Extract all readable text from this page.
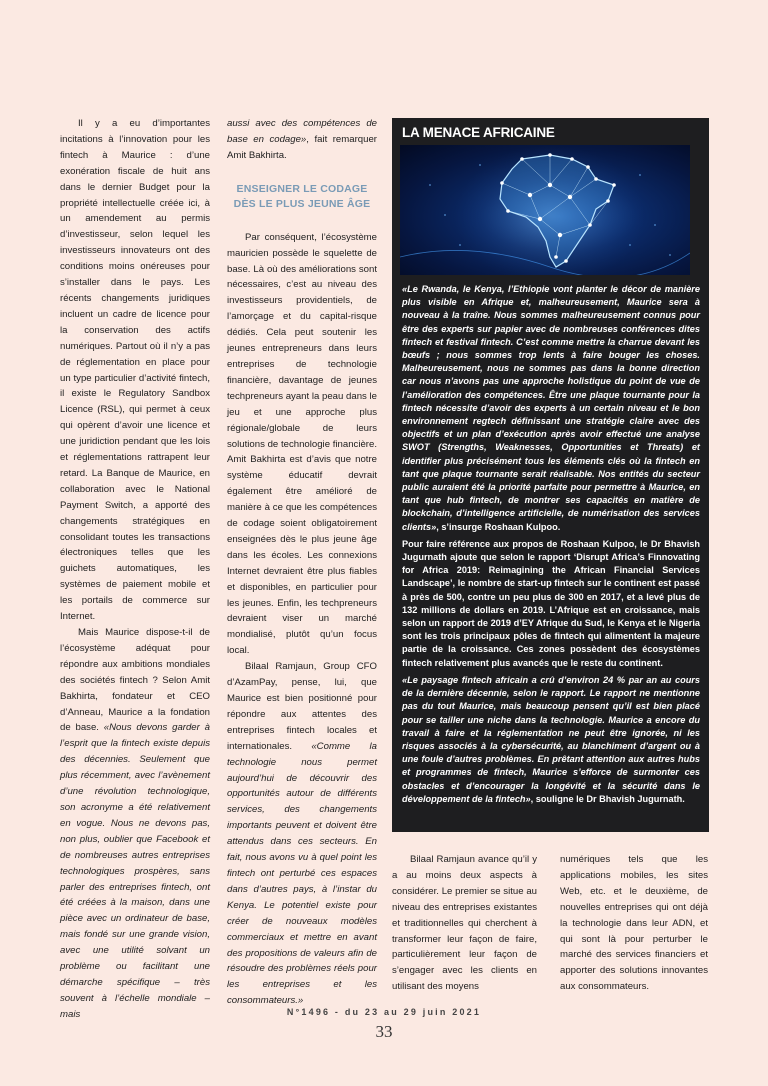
Il y a eu d’importantes incitations à l’innovation pour les fintech à Maurice : d’une exonération fiscale de huit ans dans le dernier Budget pour la propriété intellectuelle créée ici, à un amendement au permis d’investisseur, selon lequel les investisseurs innovateurs ont des conditions moins onéreuses pour s’installer dans le pays. Les récents changements juridiques incluent un cadre de licence pour la conservation des actifs numériques. Partout où il n’y a pas de réglementation en place pour un type particulier d’activité fintech, il existe le Regulatory Sandbox Licence (RSL), qui permet à ceux qui opèrent d’avoir une licence et une juridiction pendant que les lois et réglementations rattrapent leur retard. La Banque de Maurice, en collaboration avec le National Payment Switch, a apporté des changements stratégiques en consolidant toutes les transactions électroniques telles que les guichets automatiques, les systèmes de paiement mobile et les portails de commerce sur Internet.

Mais Maurice dispose-t-il de l’écosystème adéquat pour répondre aux ambitions mondiales des sociétés fintech ? Selon Amit Bakhirta, fondateur et CEO d’Anneau, Maurice a la fondation de base. «Nous devons garder à l’esprit que la fintech existe depuis des décennies. Seulement que plus récemment, avec l’avènement d’une révolution technologique, son acronyme a été relativement en vogue. Nous ne devons pas, non plus, oublier que Facebook et de nombreuses autres entreprises technologiques prospères, sans parler des entreprises fintech, ont été créées à la maison, dans une pièce avec un ordinateur de base, mais fondé sur une grande vision, avec une utilité solvant un problème ou facilitant une démarche spécifique – très souvent à l’échelle mondiale – mais

aussi avec des compétences de base en codage», fait remarquer Amit Bakhirta.

ENSEIGNER LE CODAGE
DÈS LE PLUS JEUNE ÂGE

Par conséquent, l’écosystème mauricien possède le squelette de base. Là où des améliorations sont nécessaires, c’est au niveau des investisseurs providentiels, de l’amorçage et du capital-risque dédiés. Cela peut soutenir les jeunes entrepreneurs dans leurs entreprises de technologie financière, davantage de jeunes techpreneurs ayant la peau dans le jeu et une approche plus régionale/globale de leurs solutions de technologie financière. Amit Bakhirta est d’avis que notre système éducatif devrait également être amélioré de manière à ce que les compétences de codage soient obligatoirement enseignées dès le plus jeune âge dans les écoles. Les connexions Internet devraient être plus fiables et disponibles, en particulier pour les jeunes. Enfin, les techpreneurs devraient viser un marché mondialisé, plutôt qu’un focus local.

Bilaal Ramjaun, Group CFO d’AzamPay, pense, lui, que Maurice est bien positionné pour répondre aux attentes des entreprises fintech locales et internationales. «Comme la technologie nous permet aujourd’hui de découvrir des opportunités autour de différents services, des changements importants peuvent et doivent être attendus dans ces secteurs. En fait, nous avons vu à quel point les fintech ont perturbé ces espaces dans d’autres pays, à l’instar du Kenya. Le potentiel existe pour créer de nouveaux modèles commerciaux et mettre en avant des propositions de valeurs afin de résoudre des problèmes réels pour les entreprises et les consommateurs.»

LA MENACE AFRICAINE

«Le Rwanda, le Kenya, l’Ethiopie vont planter le décor de manière plus visible en Afrique et, malheureusement, Maurice sera à nouveau à la traîne. Nous sommes malheureusement connus pour être des experts sur papier avec de nombreuses conférences dites fintech et festival fintech. C’est comme mettre la charrue devant les bœufs ; nous sommes trop lents à faire bouger les choses. Malheureusement, nous ne sommes pas dans la bonne direction car nous n’avons pas une approche holistique du point de vue de l’amélioration des compétences. Être une plaque tournante pour la fintech nécessite d’avoir des experts à un certain niveau et le bon environnement regtech définissant une stratégie claire avec des objectifs et un plan d’exécution après avoir effectué une analyse SWOT (Strengths, Weaknesses, Opportunities et Threats) et identifier plus précisément tous les éléments clés où la fintech en tant que plaque tournante serait réalisable. Nos entités du secteur public auraient été la priorité parfaite pour permettre à Maurice, en tant que hub fintech, de montrer ses capacités en matière de blockchain, d’intelligence artificielle, de numérisation des services clients», s’insurge Roshaan Kulpoo.

Pour faire référence aux propos de Roshaan Kulpoo, le Dr Bhavish Jugurnath ajoute que selon le rapport ‘Disrupt Africa’s Finnovating for Africa 2019: Reimagining the African Financial Services Landscape’, le nombre de start-up fintech sur le continent est passé à près de 500, contre un peu plus de 300 en 2017, et a levé plus de 132 millions de dollars en 2019. L’Afrique est en croissance, mais selon un rapport de 2019 d’EY Afrique du Sud, le Kenya et le Nigeria sont les trois principaux pôles de fintech qui alimentent la majeure partie de la croissance. Ces zones possèdent des écosystèmes fintech relativement plus avancés que le reste du continent.

«Le paysage fintech africain a crû d’environ 24 % par an au cours de la dernière décennie, selon le rapport. Le rapport ne mentionne pas du tout Maurice, mais beaucoup pensent qu’il est bien placé pour se tailler une niche dans la technologie. Maurice a encore du travail à faire et la réglementation ne peut être ignorée, ni les risques associés à la cybersécurité, au blanchiment d’argent ou à une foule d’autres problèmes. En prêtant attention aux autres hubs et programmes de fintech, Maurice s’efforce de surmonter ces obstacles et d’encourager la longévité et la sécurité dans le développement de la fintech», souligne le Dr Bhavish Jugurnath.

Bilaal Ramjaun avance qu’il y a au moins deux aspects à considérer. Le premier se situe au niveau des entreprises existantes et traditionnelles qui cherchent à transformer leur façon de faire, particulièrement leur façon de s’engager avec les clients en utilisant des moyens

numériques tels que les applications mobiles, les sites Web, etc. et le deuxième, de nouvelles entreprises qui ont déjà la technologie dans leur ADN, et qui sont là pour perturber le marché des services financiers et apporter des solutions innovantes aux consommateurs.

N°1496 - du 23 au 29 juin 2021
33
